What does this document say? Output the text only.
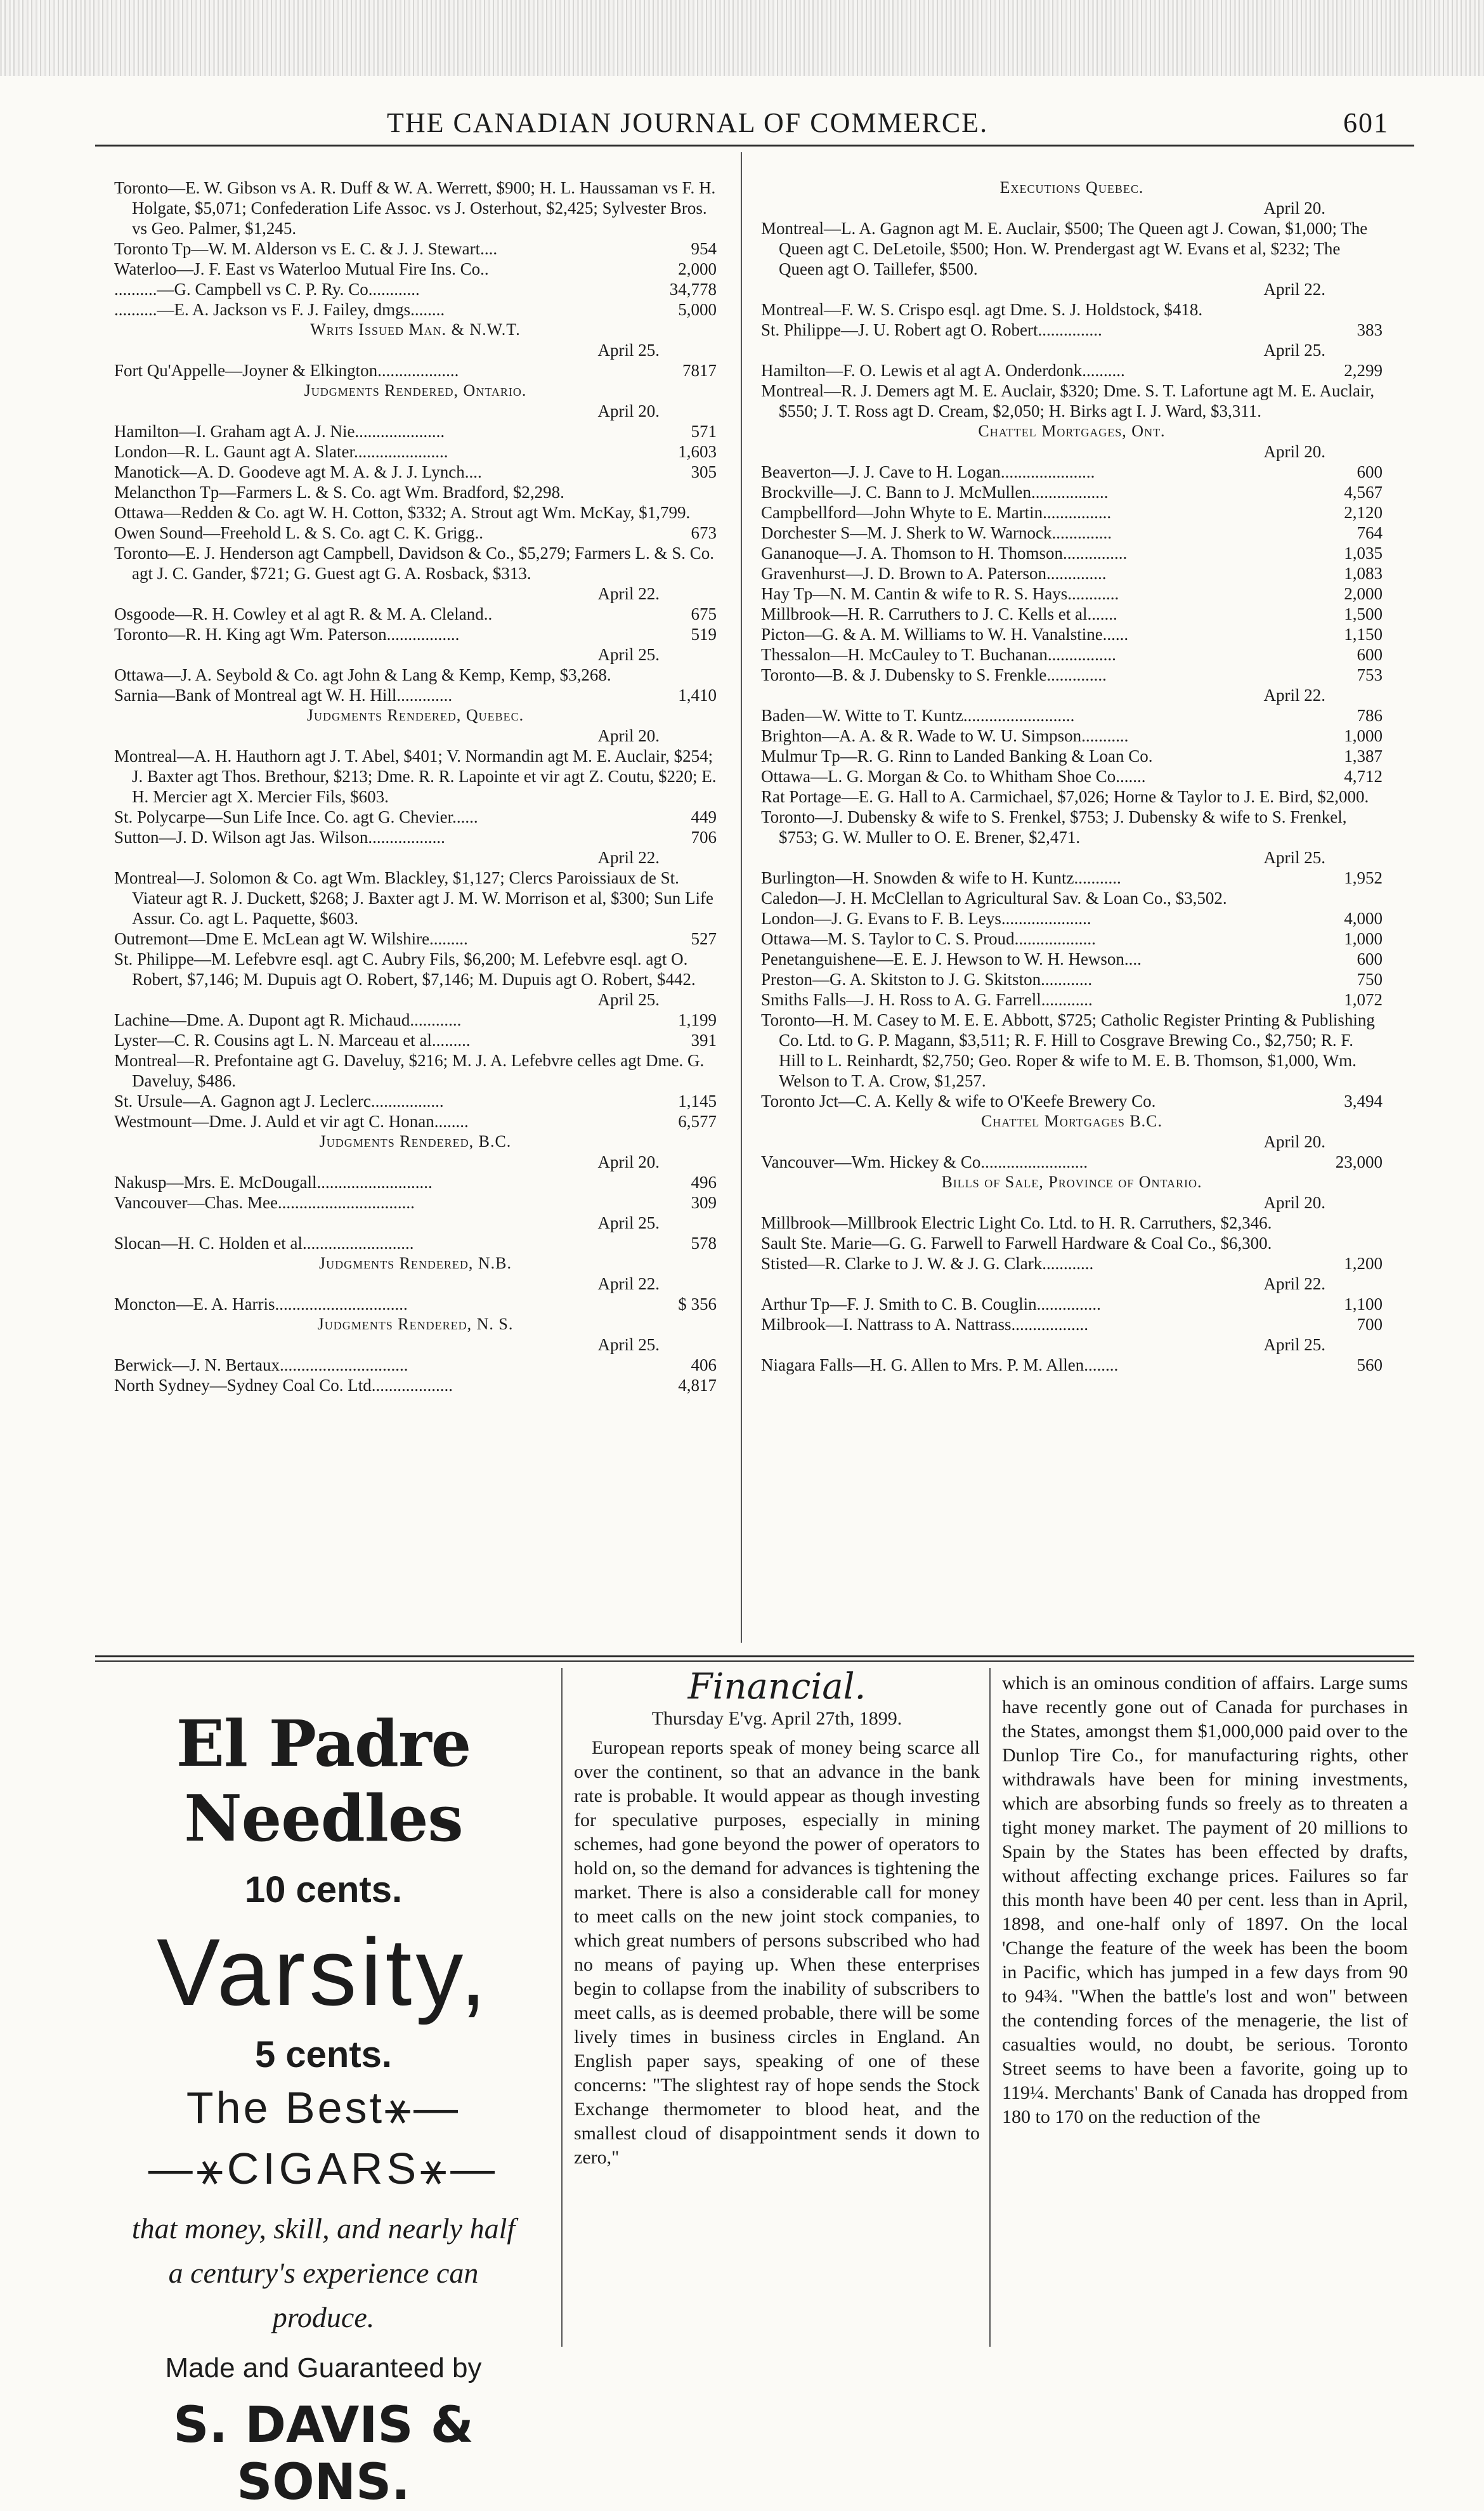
THE CANADIAN JOURNAL OF COMMERCE.	601
Toronto—E. W. Gibson vs A. R. Duff & W. A. Werrett, $900; H. L. Haussaman vs F. H. Holgate, $5,071; Confederation Life Assoc. vs J. Osterhout, $2,425; Sylvester Bros. vs Geo. Palmer, $1,245.
Toronto Tp—W. M. Alderson vs E. C. & J. J. Stewart....	954
Waterloo—J. F. East vs Waterloo Mutual Fire Ins. Co..	2,000
..........—G. Campbell vs C. P. Ry. Co............	34,778
..........—E. A. Jackson vs F. J. Failey, dmgs........	5,000
Writs Issued Man. & N.W.T.
April 25.
Fort Qu'Appelle—Joyner & Elkington...................	7817
Judgments Rendered, Ontario.
April 20.
Hamilton—I. Graham agt A. J. Nie.....................	571
London—R. L. Gaunt agt A. Slater......................	1,603
Manotick—A. D. Goodeve agt M. A. & J. J. Lynch....	305
Melancthon Tp—Farmers L. & S. Co. agt Wm. Bradford, $2,298.
Ottawa—Redden & Co. agt W. H. Cotton, $332; A. Strout agt Wm. McKay, $1,799.
Owen Sound—Freehold L. & S. Co. agt C. K. Grigg..	673
Toronto—E. J. Henderson agt Campbell, Davidson & Co., $5,279; Farmers L. & S. Co. agt J. C. Gander, $721; G. Guest agt G. A. Rosback, $313.
April 22.
Osgoode—R. H. Cowley et al agt R. & M. A. Cleland..	675
Toronto—R. H. King agt Wm. Paterson.................	519
April 25.
Ottawa—J. A. Seybold & Co. agt John & Lang & Kemp, Kemp, $3,268.
Sarnia—Bank of Montreal agt W. H. Hill.............	1,410
Judgments Rendered, Quebec.
April 20.
Montreal—A. H. Hauthorn agt J. T. Abel, $401; V. Normandin agt M. E. Auclair, $254; J. Baxter agt Thos. Brethour, $213; Dme. R. R. Lapointe et vir agt Z. Coutu, $220; E. H. Mercier agt X. Mercier Fils, $603.
St. Polycarpe—Sun Life Ince. Co. agt G. Chevier......	449
Sutton—J. D. Wilson agt Jas. Wilson..................	706
April 22.
Montreal—J. Solomon & Co. agt Wm. Blackley, $1,127; Clercs Paroissiaux de St. Viateur agt R. J. Duckett, $268; J. Baxter agt J. M. W. Morrison et al, $300; Sun Life Assur. Co. agt L. Paquette, $603.
Outremont—Dme E. McLean agt W. Wilshire.........	527
St. Philippe—M. Lefebvre esql. agt C. Aubry Fils, $6,200; M. Lefebvre esql. agt O. Robert, $7,146; M. Dupuis agt O. Robert, $7,146; M. Dupuis agt O. Robert, $442.
April 25.
Lachine—Dme. A. Dupont agt R. Michaud............	1,199
Lyster—C. R. Cousins agt L. N. Marceau et al.........	391
Montreal—R. Prefontaine agt G. Daveluy, $216; M. J. A. Lefebvre celles agt Dme. G. Daveluy, $486.
St. Ursule—A. Gagnon agt J. Leclerc.................	1,145
Westmount—Dme. J. Auld et vir agt C. Honan........	6,577
Judgments Rendered, B.C.
April 20.
Nakusp—Mrs. E. McDougall...........................	496
Vancouver—Chas. Mee................................	309
April 25.
Slocan—H. C. Holden et al..........................	578
Judgments Rendered, N.B.
April 22.
Moncton—E. A. Harris...............................	$ 356
Judgments Rendered, N. S.
April 25.
Berwick—J. N. Bertaux..............................	406
North Sydney—Sydney Coal Co. Ltd...................	4,817
Executions Quebec.
April 20.
Montreal—L. A. Gagnon agt M. E. Auclair, $500; The Queen agt J. Cowan, $1,000; The Queen agt C. DeLetoile, $500; Hon. W. Prendergast agt W. Evans et al, $232; The Queen agt O. Taillefer, $500.
April 22.
Montreal—F. W. S. Crispo esql. agt Dme. S. J. Holdstock, $418.
St. Philippe—J. U. Robert agt O. Robert...............	383
April 25.
Hamilton—F. O. Lewis et al agt A. Onderdonk..........	2,299
Montreal—R. J. Demers agt M. E. Auclair, $320; Dme. S. T. Lafortune agt M. E. Auclair, $550; J. T. Ross agt D. Cream, $2,050; H. Birks agt I. J. Ward, $3,311.
Chattel Mortgages, Ont.
April 20.
Beaverton—J. J. Cave to H. Logan......................	600
Brockville—J. C. Bann to J. McMullen..................	4,567
Campbellford—John Whyte to E. Martin................	2,120
Dorchester S—M. J. Sherk to W. Warnock..............	764
Gananoque—J. A. Thomson to H. Thomson...............	1,035
Gravenhurst—J. D. Brown to A. Paterson..............	1,083
Hay Tp—N. M. Cantin & wife to R. S. Hays............	2,000
Millbrook—H. R. Carruthers to J. C. Kells et al.......	1,500
Picton—G. & A. M. Williams to W. H. Vanalstine......	1,150
Thessalon—H. McCauley to T. Buchanan................	600
Toronto—B. & J. Dubensky to S. Frenkle..............	753
April 22.
Baden—W. Witte to T. Kuntz..........................	786
Brighton—A. A. & R. Wade to W. U. Simpson...........	1,000
Mulmur Tp—R. G. Rinn to Landed Banking & Loan Co.	1,387
Ottawa—L. G. Morgan & Co. to Whitham Shoe Co.......	4,712
Rat Portage—E. G. Hall to A. Carmichael, $7,026; Horne & Taylor to J. E. Bird, $2,000.
Toronto—J. Dubensky & wife to S. Frenkel, $753; J. Dubensky & wife to S. Frenkel, $753; G. W. Muller to O. E. Brener, $2,471.
April 25.
Burlington—H. Snowden & wife to H. Kuntz...........	1,952
Caledon—J. H. McClellan to Agricultural Sav. & Loan Co., $3,502.
London—J. G. Evans to F. B. Leys.....................	4,000
Ottawa—M. S. Taylor to C. S. Proud...................	1,000
Penetanguishene—E. E. J. Hewson to W. H. Hewson....	600
Preston—G. A. Skitston to J. G. Skitston............	750
Smiths Falls—J. H. Ross to A. G. Farrell............	1,072
Toronto—H. M. Casey to M. E. E. Abbott, $725; Catholic Register Printing & Publishing Co. Ltd. to G. P. Magann, $3,511; R. F. Hill to Cosgrave Brewing Co., $2,750; R. F. Hill to L. Reinhardt, $2,750; Geo. Roper & wife to M. E. B. Thomson, $1,000, Wm. Welson to T. A. Crow, $1,257.
Toronto Jct—C. A. Kelly & wife to O'Keefe Brewery Co.	3,494
Chattel Mortgages B.C.
April 20.
Vancouver—Wm. Hickey & Co.........................	23,000
Bills of Sale, Province of Ontario.
April 20.
Millbrook—Millbrook Electric Light Co. Ltd. to H. R. Carruthers, $2,346.
Sault Ste. Marie—G. G. Farwell to Farwell Hardware & Coal Co., $6,300.
Stisted—R. Clarke to J. W. & J. G. Clark............	1,200
April 22.
Arthur Tp—F. J. Smith to C. B. Couglin...............	1,100
Milbrook—I. Nattrass to A. Nattrass..................	700
April 25.
Niagara Falls—H. G. Allen to Mrs. P. M. Allen........	560
El Padre Needles
10 cents.
Varsity,
5 cents.
The Best⚹—
—⚹CIGARS⚹—
that money, skill, and nearly half
a century's experience can
produce.
Made and Guaranteed by
S. DAVIS & SONS.
Financial.
Thursday E'vg. April 27th, 1899.

European reports speak of money being scarce all over the continent, so that an advance in the bank rate is probable. It would appear as though investing for speculative purposes, especially in mining schemes, had gone beyond the power of operators to hold on, so the demand for advances is tightening the market. There is also a considerable call for money to meet calls on the new joint stock companies, to which great numbers of persons subscribed who had no means of paying up. When these enterprises begin to collapse from the inability of subscribers to meet calls, as is deemed probable, there will be some lively times in business circles in England. An English paper says, speaking of one of these concerns: "The slightest ray of hope sends the Stock Exchange thermometer to blood heat, and the smallest cloud of disappointment sends it down to zero,"

which is an ominous condition of affairs. Large sums have recently gone out of Canada for purchases in the States, amongst them $1,000,000 paid over to the Dunlop Tire Co., for manufacturing rights, other withdrawals have been for mining investments, which are absorbing funds so freely as to threaten a tight money market. The payment of 20 millions to Spain by the States has been effected by drafts, without affecting exchange prices. Failures so far this month have been 40 per cent. less than in April, 1898, and one-half only of 1897. On the local 'Change the feature of the week has been the boom in Pacific, which has jumped in a few days from 90 to 94¾. "When the battle's lost and won" between the contending forces of the menagerie, the list of casualties would, no doubt, be serious. Toronto Street seems to have been a favorite, going up to 119¼. Merchants' Bank of Canada has dropped from 180 to 170 on the reduction of the
